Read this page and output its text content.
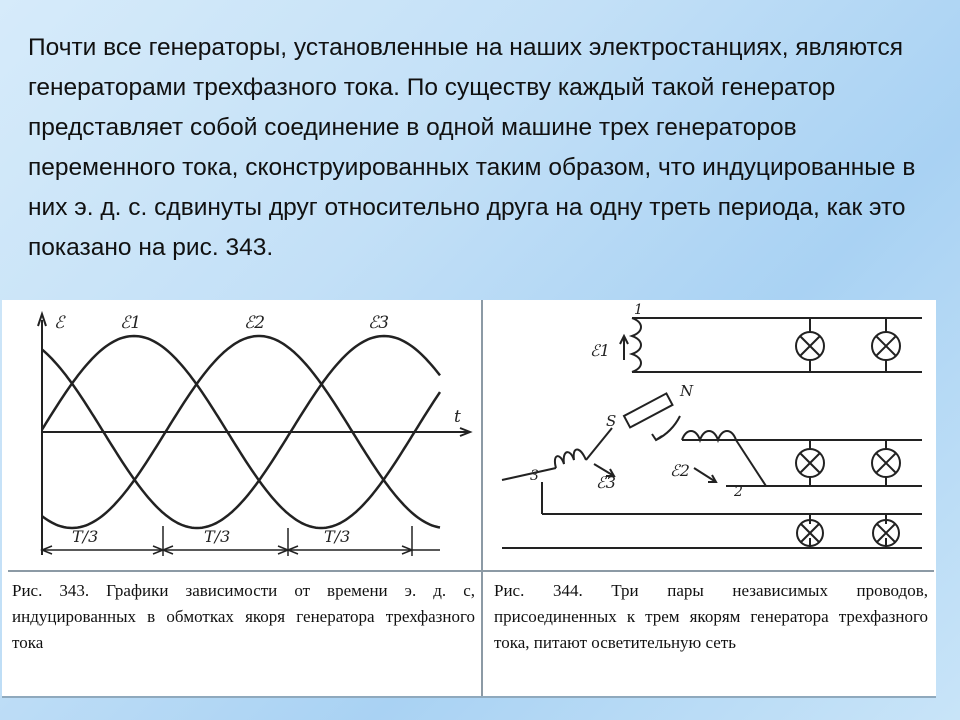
Почти все генераторы, установленные на наших электростанциях, являются генераторами трехфазного тока. По существу каждый такой генератор представляет собой соединение в одной машине трех генераторов переменного тока, сконструированных таким образом, что индуцированные в них э. д. с. сдвинуты друг относительно друга на одну треть периода, как это показано на рис. 343.

ℰ
t
ℰ1	ℰ2	ℰ3
T/3	T/3	T/3
1
ℰ1
N
S
ℰ2
2
3	ℰ3

Рис. 343. Графики зависимости от времени э. д. с, индуцированных в обмотках якоря генератора трехфазного тока

Рис. 344. Три пары независимых проводов, присоединенных к трем якорям генератора трехфазного тока, питают осветительную сеть
